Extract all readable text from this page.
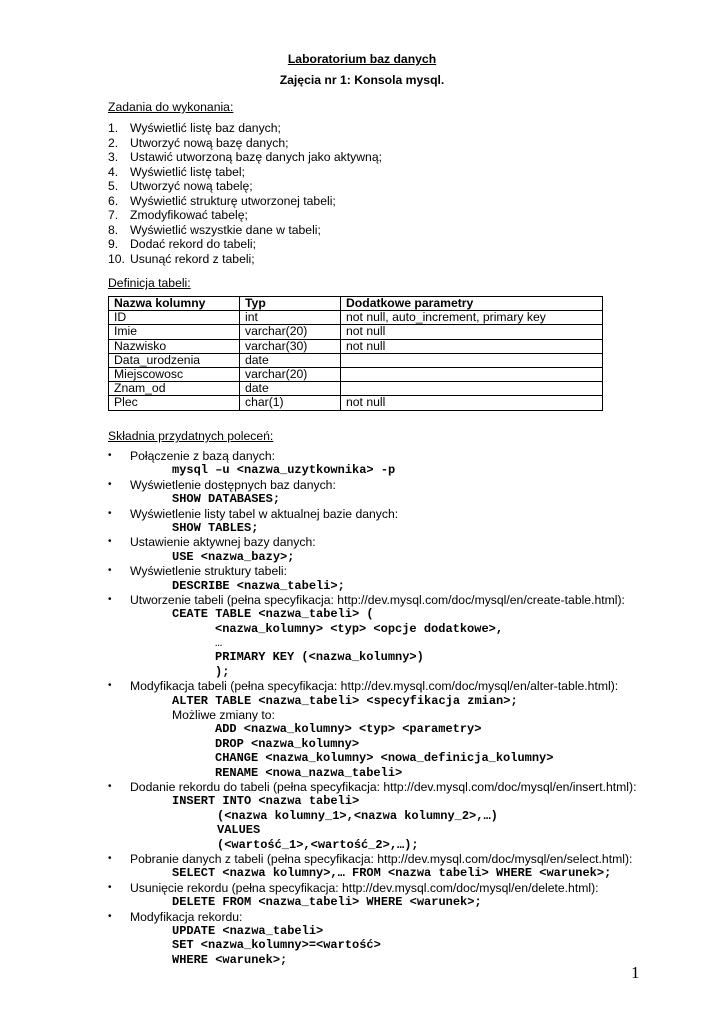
Laboratorium baz danych
Zajęcia nr 1: Konsola mysql.
Zadania do wykonania:
1. Wyświetlić listę baz danych;
2. Utworzyć nową bazę danych;
3. Ustawić utworzoną bazę danych jako aktywną;
4. Wyświetlić listę tabel;
5. Utworzyć nową tabelę;
6. Wyświetlić strukturę utworzonej tabeli;
7. Zmodyfikować tabelę;
8. Wyświetlić wszystkie dane w tabeli;
9. Dodać rekord do tabeli;
10. Usunąć rekord z tabeli;
Definicja tabeli:
Nazwa kolumny	Typ	Dodatkowe parametry
ID	int	not null, auto_increment, primary key
Imie	varchar(20)	not null
Nazwisko	varchar(30)	not null
Data_urodzenia	date	
Miejscowosc	varchar(20)	
Znam_od	date	
Plec	char(1)	not null
Składnia przydatnych poleceń:
• Połączenie z bazą danych:
mysql –u <nazwa_uzytkownika> -p
• Wyświetlenie dostępnych baz danych:
SHOW DATABASES;
• Wyświetlenie listy tabel w aktualnej bazie danych:
SHOW TABLES;
• Ustawienie aktywnej bazy danych:
USE <nazwa_bazy>;
• Wyświetlenie struktury tabeli:
DESCRIBE <nazwa_tabeli>;
• Utworzenie tabeli (pełna specyfikacja: http://dev.mysql.com/doc/mysql/en/create-table.html):
CEATE TABLE <nazwa_tabeli> (
<nazwa_kolumny> <typ> <opcje dodatkowe>,
…
PRIMARY KEY (<nazwa_kolumny>)
);
• Modyfikacja tabeli (pełna specyfikacja: http://dev.mysql.com/doc/mysql/en/alter-table.html):
ALTER TABLE <nazwa_tabeli> <specyfikacja zmian>;
Możliwe zmiany to:
ADD <nazwa_kolumny> <typ> <parametry>
DROP <nazwa_kolumny>
CHANGE <nazwa_kolumny> <nowa_definicja_kolumny>
RENAME <nowa_nazwa_tabeli>
• Dodanie rekordu do tabeli (pełna specyfikacja: http://dev.mysql.com/doc/mysql/en/insert.html):
INSERT INTO <nazwa tabeli>
(<nazwa kolumny_1>,<nazwa kolumny_2>,…)
VALUES
(<wartość_1>,<wartość_2>,…);
• Pobranie danych z tabeli (pełna specyfikacja: http://dev.mysql.com/doc/mysql/en/select.html):
SELECT <nazwa kolumny>,… FROM <nazwa tabeli> WHERE <warunek>;
• Usunięcie rekordu (pełna specyfikacja: http://dev.mysql.com/doc/mysql/en/delete.html):
DELETE FROM <nazwa_tabeli> WHERE <warunek>;
• Modyfikacja rekordu:
UPDATE <nazwa_tabeli>
SET <nazwa_kolumny>=<wartość>
WHERE <warunek>;
1
